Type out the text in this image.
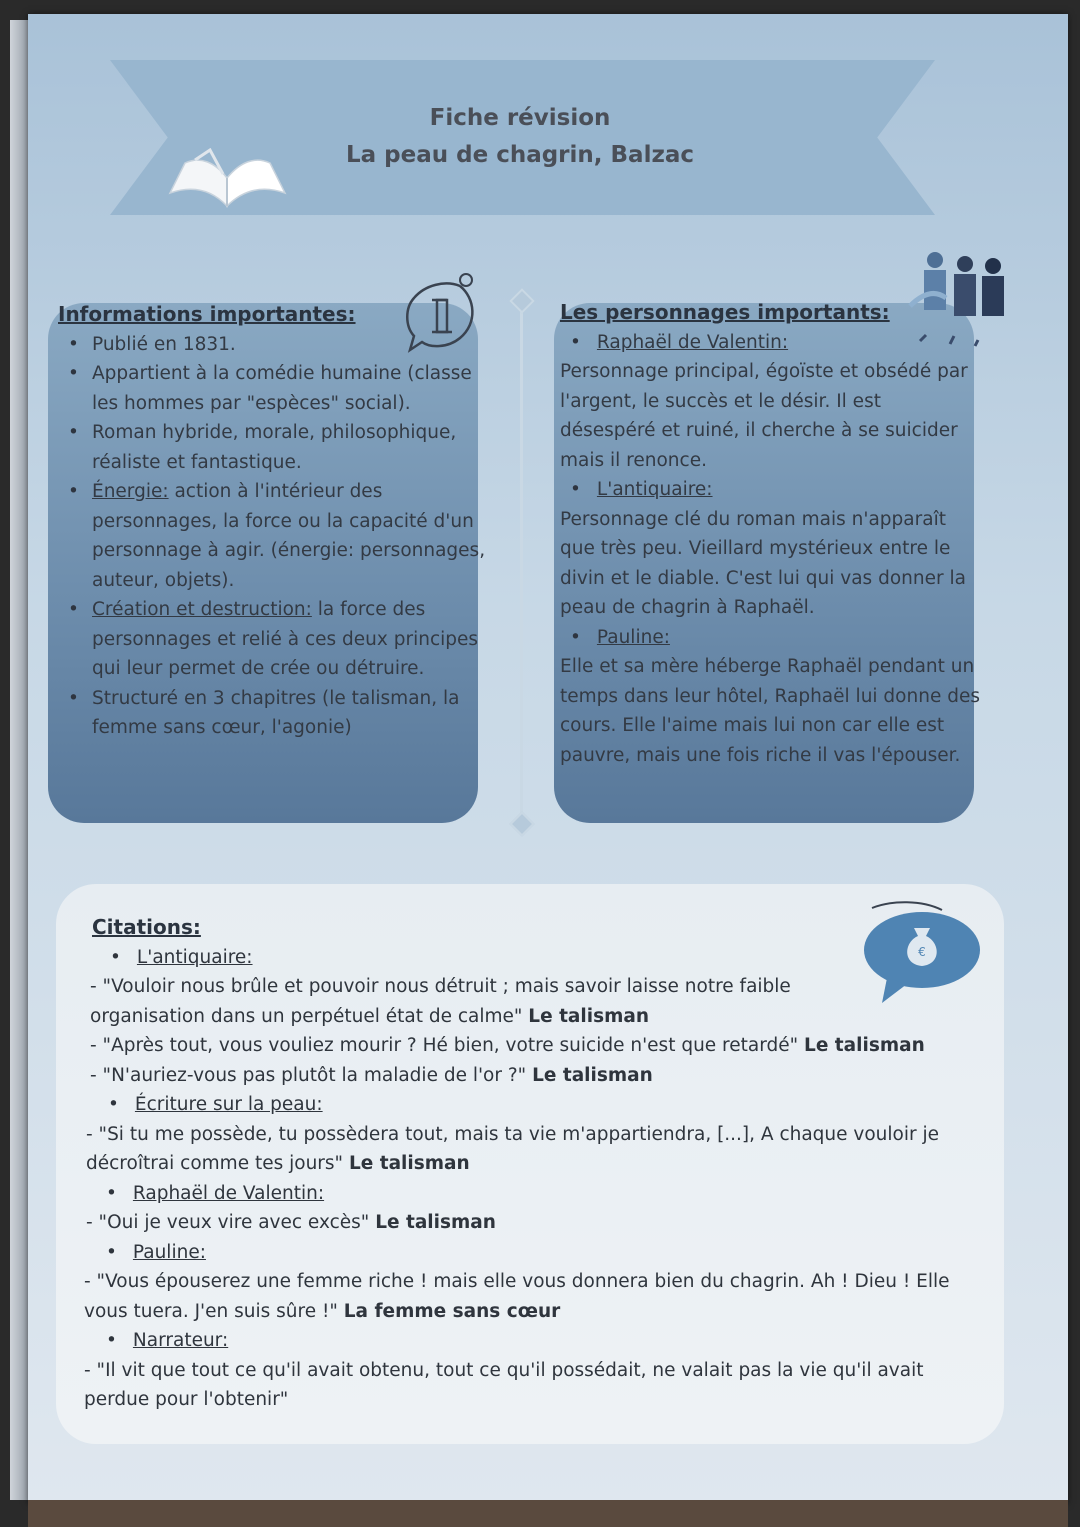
Fiche révision
La peau de chagrin, Balzac
Informations importantes:
• Publié en 1831.
• Appartient à la comédie humaine (classe les hommes par "espèces" social).
• Roman hybride, morale, philosophique, réaliste et fantastique.
• Énergie: action à l'intérieur des personnages, la force ou la capacité d'un personnage à agir. (énergie: personnages, auteur, objets).
• Création et destruction: la force des personnages et relié à ces deux principes qui leur permet de crée ou détruire.
• Structuré en 3 chapitres (le talisman, la femme sans cœur, l'agonie)
Les personnages importants:
• Raphaël de Valentin:
Personnage principal, égoïste et obsédé par l'argent, le succès et le désir. Il est désespéré et ruiné, il cherche à se suicider mais il renonce.
• L'antiquaire:
Personnage clé du roman mais n'apparaît que très peu. Vieillard mystérieux entre le divin et le diable. C'est lui qui vas donner la peau de chagrin à Raphaël.
• Pauline:
Elle et sa mère héberge Raphaël pendant un temps dans leur hôtel, Raphaël lui donne des cours. Elle l'aime mais lui non car elle est pauvre, mais une fois riche il vas l'épouser.
€
Citations:
• L'antiquaire:
- "Vouloir nous brûle et pouvoir nous détruit ; mais savoir laisse notre faible organisation dans un perpétuel état de calme" Le talisman
- "Après tout, vous vouliez mourir ? Hé bien, votre suicide n'est que retardé" Le talisman
- "N'auriez-vous pas plutôt la maladie de l'or ?" Le talisman
• Écriture sur la peau:
- "Si tu me possède, tu possèdera tout, mais ta vie m'appartiendra, [...], A chaque vouloir je décroîtrai comme tes jours" Le talisman
• Raphaël de Valentin:
- "Oui je veux vire avec excès" Le talisman
• Pauline:
- "Vous épouserez une femme riche ! mais elle vous donnera bien du chagrin. Ah ! Dieu ! Elle vous tuera. J'en suis sûre !" La femme sans cœur
• Narrateur:
- "Il vit que tout ce qu'il avait obtenu, tout ce qu'il possédait, ne valait pas la vie qu'il avait perdue pour l'obtenir"
